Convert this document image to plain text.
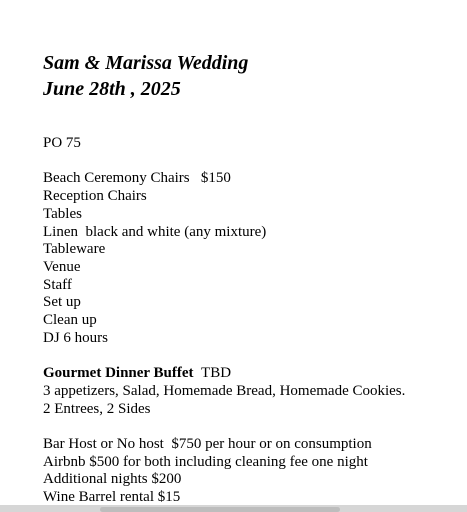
Sam & Marissa Wedding
June 28th , 2025
PO 75

Beach Ceremony Chairs   $150
Reception Chairs
Tables
Linen  black and white (any mixture)
Tableware
Venue
Staff
Set up
Clean up
DJ 6 hours

Gourmet Dinner Buffet TBD
3 appetizers, Salad, Homemade Bread, Homemade Cookies.
2 Entrees, 2 Sides

Bar Host or No host  $750 per hour or on consumption
Airbnb $500 for both including cleaning fee one night
Additional nights $200
Wine Barrel rental $15
